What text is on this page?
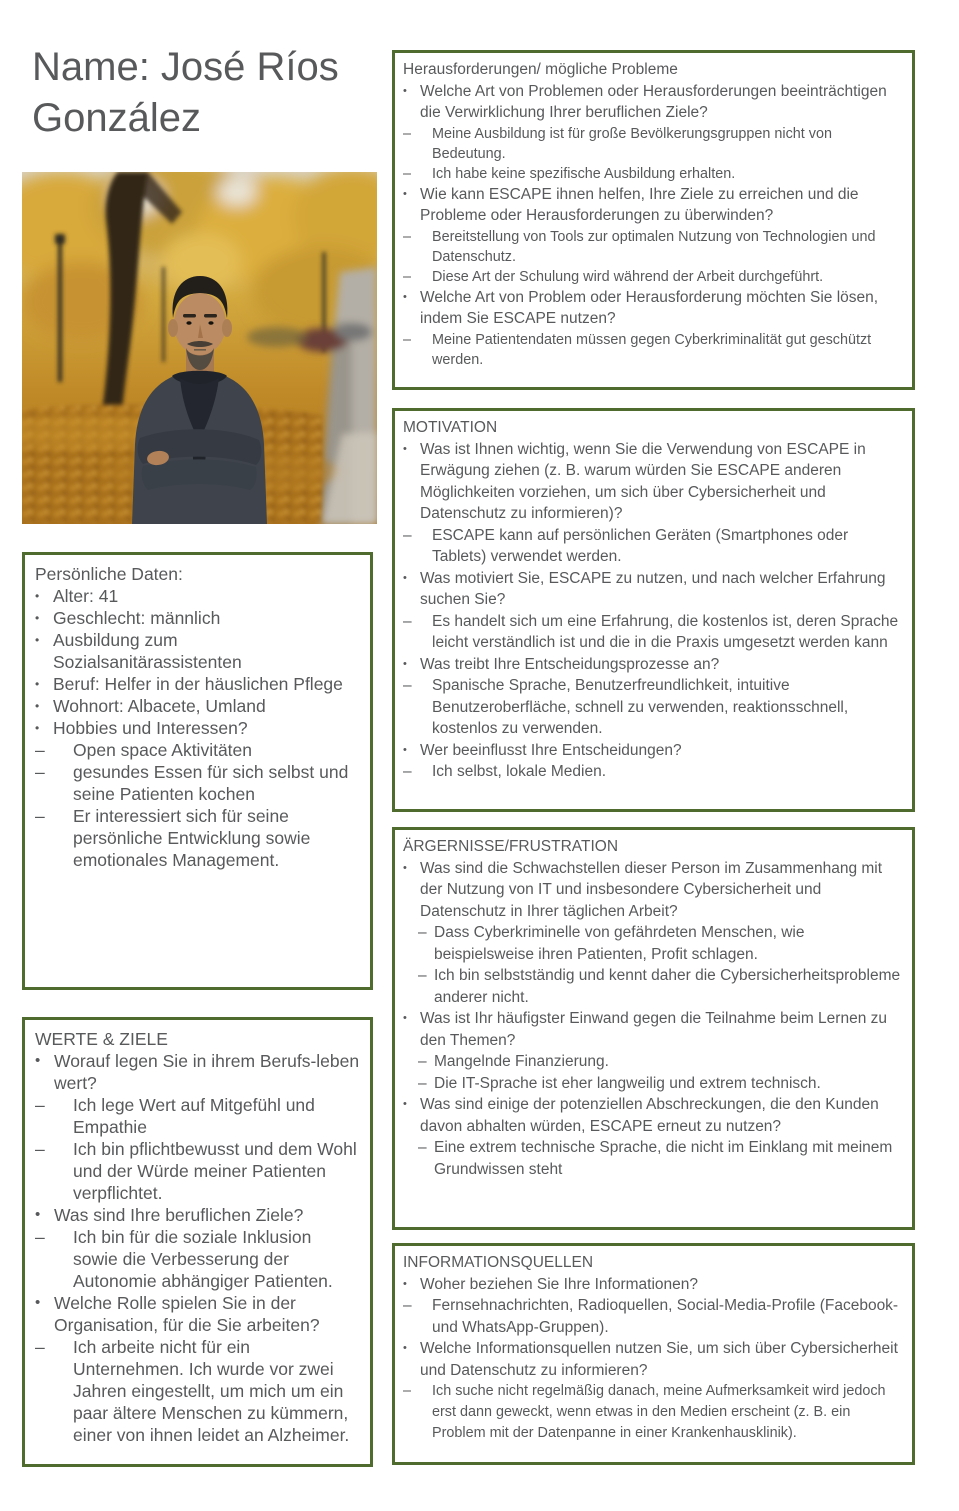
Name: José Ríos González
Persönliche Daten:
• Alter: 41
• Geschlecht: männlich
• Ausbildung zum Sozialsanitärassistenten
• Beruf: Helfer in der häuslichen Pflege
• Wohnort: Albacete, Umland
• Hobbies und Interessen?
–	Open space Aktivitäten
–	gesundes Essen für sich selbst und seine Patienten kochen
–	Er interessiert sich für seine persönliche Entwicklung sowie emotionales Management.
WERTE & ZIELE
• Worauf legen Sie in ihrem Berufs-leben wert?
–	Ich lege Wert auf Mitgefühl und Empathie
–	Ich bin pflichtbewusst und dem Wohl und der Würde meiner Patienten verpflichtet.
• Was sind Ihre beruflichen Ziele?
–	Ich bin für die soziale Inklusion sowie die Verbesserung der Autonomie abhängiger Patienten.
• Welche Rolle spielen Sie in der Organisation, für die Sie arbeiten?
–	Ich arbeite nicht für ein Unternehmen. Ich wurde vor zwei Jahren eingestellt, um mich um ein paar ältere Menschen zu kümmern, einer von ihnen leidet an Alzheimer.
Herausforderungen/ mögliche Probleme
• Welche Art von Problemen oder Herausforderungen beeinträchtigen die Verwirklichung Ihrer beruflichen Ziele?
–	Meine Ausbildung ist für große Bevölkerungsgruppen nicht von Bedeutung.
–	Ich habe keine spezifische Ausbildung erhalten.
• Wie kann ESCAPE ihnen helfen, Ihre Ziele zu erreichen und die Probleme oder Herausforderungen zu überwinden?
–	Bereitstellung von Tools zur optimalen Nutzung von Technologien und Datenschutz.
–	Diese Art der Schulung wird während der Arbeit durchgeführt.
• Welche Art von Problem oder Herausforderung möchten Sie lösen, indem Sie ESCAPE nutzen?
–	Meine Patientendaten müssen gegen Cyberkriminalität gut geschützt werden.
MOTIVATION
• Was ist Ihnen wichtig, wenn Sie die Verwendung von ESCAPE in Erwägung ziehen (z. B. warum würden Sie ESCAPE anderen Möglichkeiten vorziehen, um sich über Cybersicherheit und Datenschutz zu informieren)?
–	ESCAPE kann auf persönlichen Geräten (Smartphones oder Tablets) verwendet werden.
• Was motiviert Sie, ESCAPE zu nutzen, und nach welcher Erfahrung suchen Sie?
–	Es handelt sich um eine Erfahrung, die kostenlos ist, deren Sprache leicht verständlich ist und die in die Praxis umgesetzt werden kann
• Was treibt Ihre Entscheidungsprozesse an?
–	Spanische Sprache, Benutzerfreundlichkeit, intuitive Benutzeroberfläche, schnell zu verwenden, reaktionsschnell, kostenlos zu verwenden.
• Wer beeinflusst Ihre Entscheidungen?
–	Ich selbst, lokale Medien.
ÄRGERNISSE/FRUSTRATION
• Was sind die Schwachstellen dieser Person im Zusammenhang mit der Nutzung von IT und insbesondere Cybersicherheit und Datenschutz in Ihrer täglichen Arbeit?
– Dass Cyberkriminelle von gefährdeten Menschen, wie beispielsweise ihren Patienten, Profit schlagen.
– Ich bin selbstständig und kennt daher die Cybersicherheitsprobleme anderer nicht.
• Was ist Ihr häufigster Einwand gegen die Teilnahme beim Lernen zu den Themen?
– Mangelnde Finanzierung.
– Die IT-Sprache ist eher langweilig und extrem technisch.
• Was sind einige der potenziellen Abschreckungen, die den Kunden davon abhalten würden, ESCAPE erneut zu nutzen?
– Eine extrem technische Sprache, die nicht im Einklang mit meinem Grundwissen steht
INFORMATIONSQUELLEN
• Woher beziehen Sie Ihre Informationen?
–	Fernsehnachrichten, Radioquellen, Social-Media-Profile (Facebook- und WhatsApp-Gruppen).
• Welche Informationsquellen nutzen Sie, um sich über Cybersicherheit und Datenschutz zu informieren?
–	Ich suche nicht regelmäßig danach, meine Aufmerksamkeit wird jedoch erst dann geweckt, wenn etwas in den Medien erscheint (z. B. ein Problem mit der Datenpanne in einer Krankenhausklinik).
